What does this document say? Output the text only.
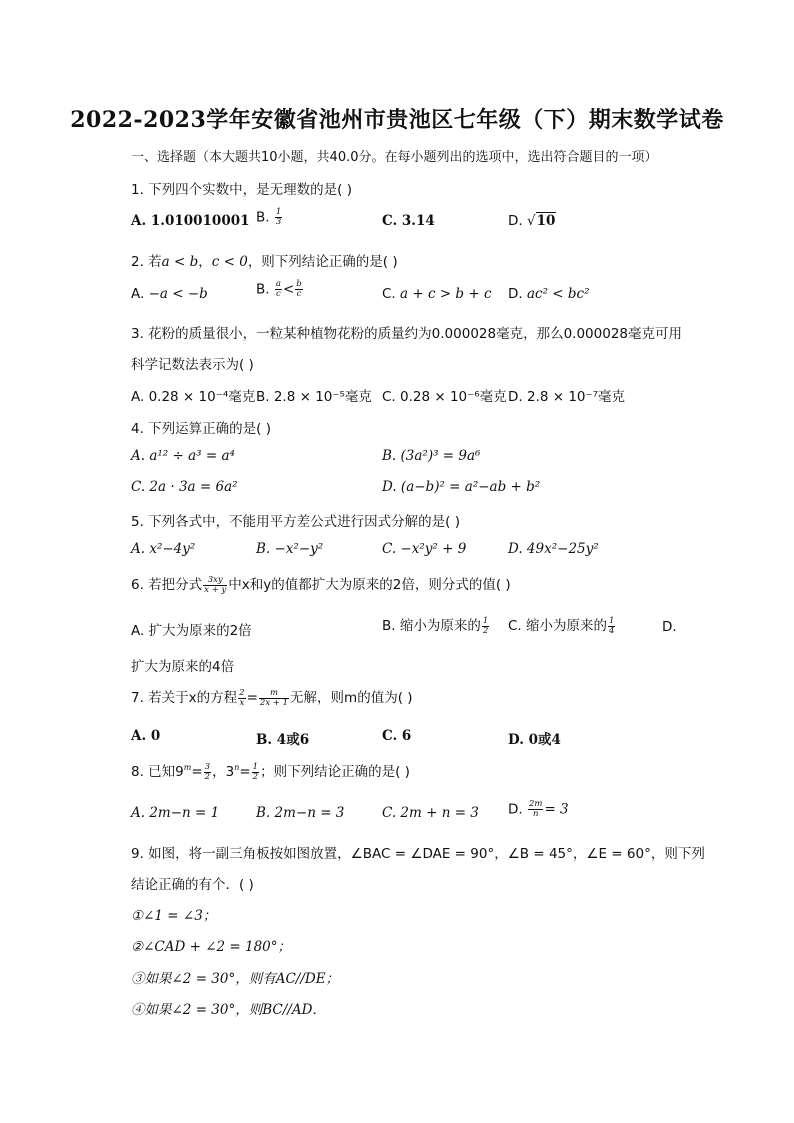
2022-2023学年安徽省池州市贵池区七年级（下）期末数学试卷
一、选择题（本大题共10小题，共40.0分。在每小题列出的选项中，选出符合题目的一项）
1. 下列四个实数中，是无理数的是( )
A. 1.010010001 B. $\frac{1}{3}$	C. 3.14	D. √10
2. 若a < b，c < 0，则下列结论正确的是( )
A. −a < −b	B. $\frac{a}{c} < \frac{b}{c}$	C. a + c > b + c D. ac² < bc²
3. 花粉的质量很小，一粒某种植物花粉的质量约为0.000028毫克，那么0.000028毫克可用
科学记数法表示为( )
A. 0.28 × 10⁻⁴毫克 B. 2.8 × 10⁻⁵毫克 C. 0.28 × 10⁻⁶毫克 D. 2.8 × 10⁻⁷毫克
4. 下列运算正确的是( )
A. a¹² ÷ a³ = a⁴	B. (3a²)³ = 9a⁶
C. 2a · 3a = 6a²	D. (a−b)² = a²−ab + b²
5. 下列各式中，不能用平方差公式进行因式分解的是( )
A. x²−4y²	B. −x²−y²	C. −x²y² + 9	D. 49x²−25y²
6. 若把分式 $\frac{3xy}{x + y}$ 中x和y的值都扩大为原来的2倍，则分式的值( )
A. 扩大为原来的2倍	B. 缩小为原来的 $\frac{1}{2} C$. 缩小为原来的 $\frac{1}{4}$	D.
扩大为原来的4倍
7. 若关于x的方程 $\frac{2}{x} = \frac{m}{2x + 1}$ 无解，则m的值为( )
A. 0	B. 4或6	C. 6	D. 0或4
8. 已知$9^m= \frac{3}{2}$ ，$3^n= \frac{1}{2}$ ；则下列结论正确的是( )
A. 2m−n = 1	B. 2m−n = 3	C. 2m + n = 3 D. $\frac{2m}{n} = 3$
9. 如图，将一副三角板按如图放置，∠BAC = ∠DAE = 90°，∠B = 45°，∠E = 60°，则下列
结论正确的有个．( )
①∠1 = ∠3；
②∠CAD + ∠2 = 180°；
③如果∠2 = 30°，则有AC//DE；
④如果∠2 = 30°，则BC//AD．
